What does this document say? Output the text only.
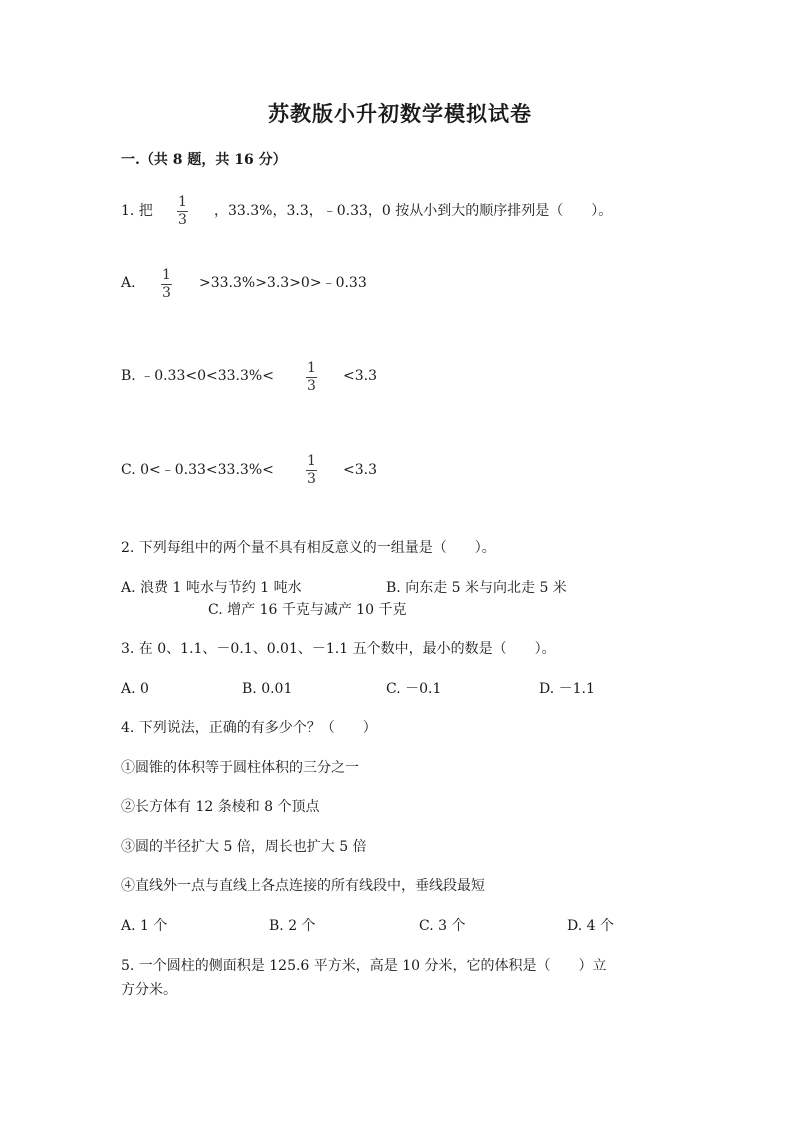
苏教版小升初数学模拟试卷
一.（共 8 题，共 16 分）
1. 把
1
3
，33.3%，3.3，﹣0.33，0 按从小到大的顺序排列是（　　）。
A. 1
3
>33.3%>3.3>0>﹣0.33
B. ﹣0.33<0<33.3%< 1
3
<3.3
C. 0<﹣0.33<33.3%<
1
3
<3.3
2. 下列每组中的两个量不具有相反意义的一组量是（　　）。
A. 浪费 1 吨水与节约 1 吨水	B. 向东走 5 米与向北走 5 米
C. 增产 16 千克与减产 10 千克
3. 在 0、1.1、－0.1、0.01、－1.1 五个数中，最小的数是（　　）。
A. 0	B. 0.01	C. －0.1	D. －1.1
4. 下列说法，正确的有多少个？（　　）
①圆锥的体积等于圆柱体积的三分之一
②长方体有 12 条棱和 8 个顶点
③圆的半径扩大 5 倍，周长也扩大 5 倍
④直线外一点与直线上各点连接的所有线段中，垂线段最短
A. 1 个	B. 2 个	C. 3 个	D. 4 个
5. 一个圆柱的侧面积是 125.6 平方米，高是 10 分米，它的体积是（　　）立
方分米。
